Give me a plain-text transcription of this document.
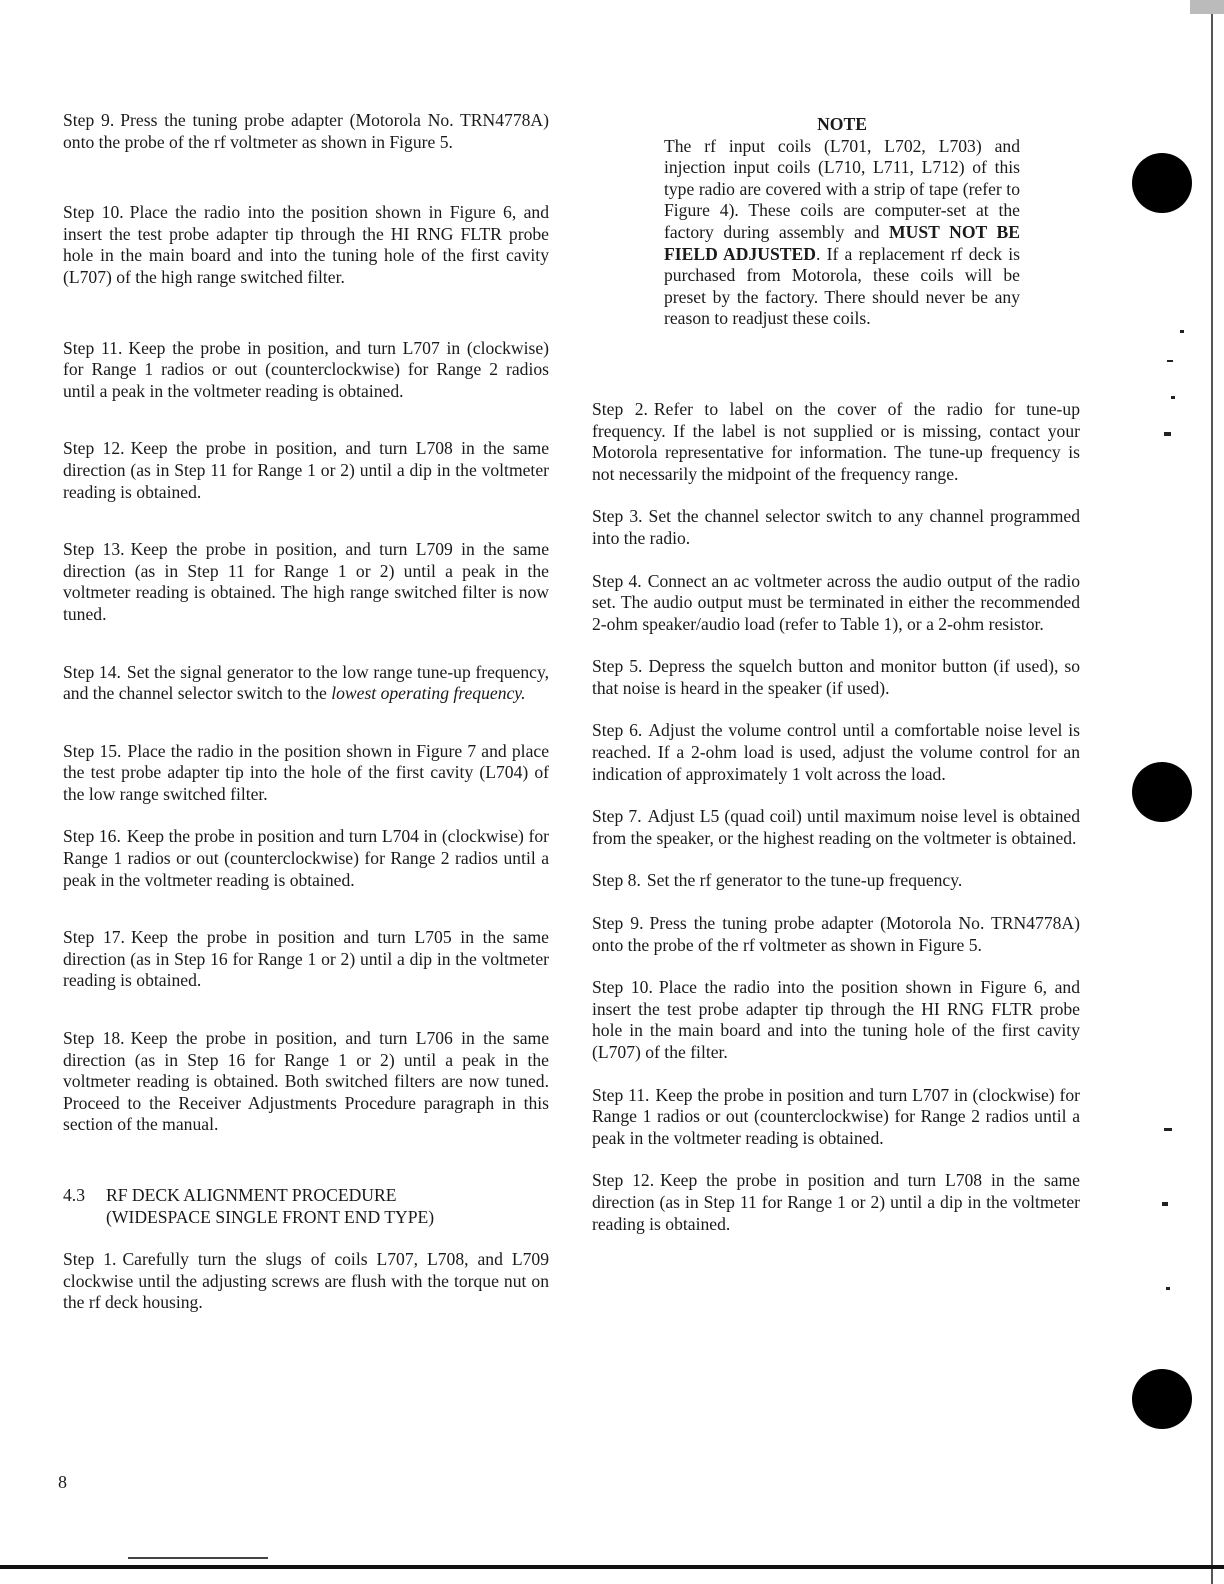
Step 9. Press the tuning probe adapter (Motorola No. TRN4778A) onto the probe of the rf voltmeter as shown in Figure 5.

Step 10. Place the radio into the position shown in Figure 6, and insert the test probe adapter tip through the HI RNG FLTR probe hole in the main board and into the tuning hole of the first cavity (L707) of the high range switched filter.

Step 11. Keep the probe in position, and turn L707 in (clockwise) for Range 1 radios or out (counterclockwise) for Range 2 radios until a peak in the voltmeter reading is obtained.

Step 12. Keep the probe in position, and turn L708 in the same direction (as in Step 11 for Range 1 or 2) until a dip in the voltmeter reading is obtained.

Step 13. Keep the probe in position, and turn L709 in the same direction (as in Step 11 for Range 1 or 2) until a peak in the voltmeter reading is obtained. The high range switched filter is now tuned.

Step 14. Set the signal generator to the low range tune-up frequency, and the channel selector switch to the lowest operating frequency.

Step 15. Place the radio in the position shown in Figure 7 and place the test probe adapter tip into the hole of the first cavity (L704) of the low range switched filter.

Step 16. Keep the probe in position and turn L704 in (clockwise) for Range 1 radios or out (counterclockwise) for Range 2 radios until a peak in the voltmeter reading is obtained.

Step 17. Keep the probe in position and turn L705 in the same direction (as in Step 16 for Range 1 or 2) until a dip in the voltmeter reading is obtained.

Step 18. Keep the probe in position, and turn L706 in the same direction (as in Step 16 for Range 1 or 2) until a peak in the voltmeter reading is obtained. Both switched filters are now tuned. Proceed to the Receiver Adjustments Procedure paragraph in this section of the manual.

4.3 RF DECK ALIGNMENT PROCEDURE
(WIDESPACE SINGLE FRONT END TYPE)

Step 1. Carefully turn the slugs of coils L707, L708, and L709 clockwise until the adjusting screws are flush with the torque nut on the rf deck housing.

NOTE

The rf input coils (L701, L702, L703) and injection input coils (L710, L711, L712) of this type radio are covered with a strip of tape (refer to Figure 4). These coils are computer-set at the factory during assembly and MUST NOT BE FIELD ADJUSTED. If a replacement rf deck is purchased from Motorola, these coils will be preset by the factory. There should never be any reason to readjust these coils.

Step 2. Refer to label on the cover of the radio for tune-up frequency. If the label is not supplied or is missing, contact your Motorola representative for information. The tune-up frequency is not necessarily the midpoint of the frequency range.

Step 3. Set the channel selector switch to any channel programmed into the radio.

Step 4. Connect an ac voltmeter across the audio output of the radio set. The audio output must be terminated in either the recommended 2-ohm speaker/audio load (refer to Table 1), or a 2-ohm resistor.

Step 5. Depress the squelch button and monitor button (if used), so that noise is heard in the speaker (if used).

Step 6. Adjust the volume control until a comfortable noise level is reached. If a 2-ohm load is used, adjust the volume control for an indication of approximately 1 volt across the load.

Step 7. Adjust L5 (quad coil) until maximum noise level is obtained from the speaker, or the highest reading on the voltmeter is obtained.

Step 8. Set the rf generator to the tune-up frequency.

Step 9. Press the tuning probe adapter (Motorola No. TRN4778A) onto the probe of the rf voltmeter as shown in Figure 5.

Step 10. Place the radio into the position shown in Figure 6, and insert the test probe adapter tip through the HI RNG FLTR probe hole in the main board and into the tuning hole of the first cavity (L707) of the filter.

Step 11. Keep the probe in position and turn L707 in (clockwise) for Range 1 radios or out (counterclockwise) for Range 2 radios until a peak in the voltmeter reading is obtained.

Step 12. Keep the probe in position and turn L708 in the same direction (as in Step 11 for Range 1 or 2) until a dip in the voltmeter reading is obtained.

8
